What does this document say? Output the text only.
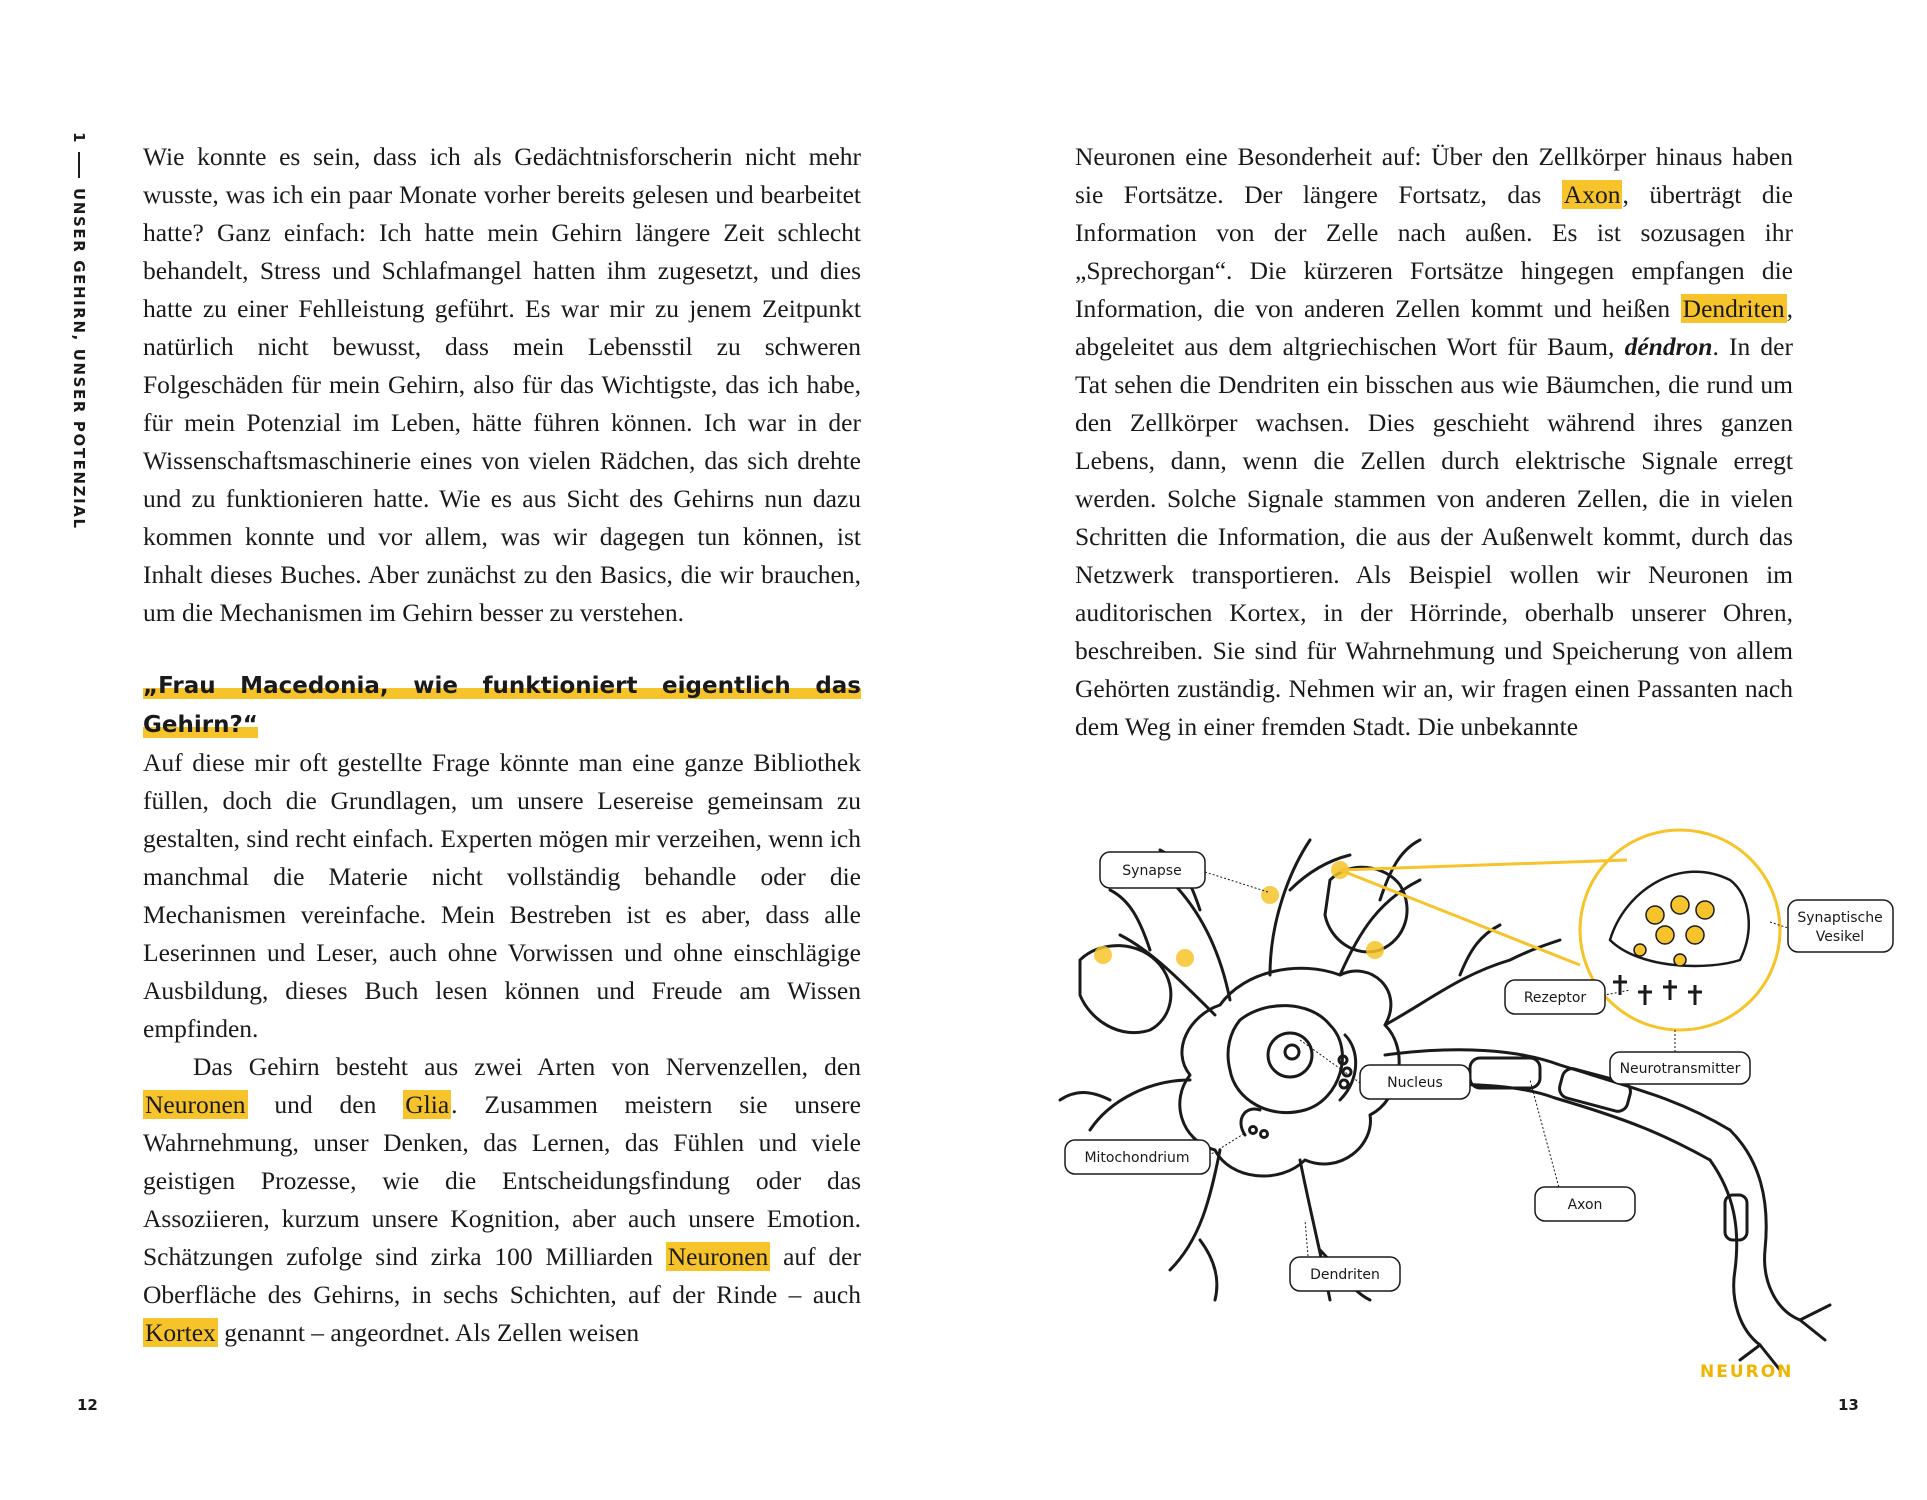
1
UNSER GEHIRN, UNSER POTENZIAL

Wie konnte es sein, dass ich als Gedächtnisforscherin nicht mehr wusste, was ich ein paar Monate vorher bereits gelesen und bearbeitet hatte? Ganz einfach: Ich hatte mein Gehirn längere Zeit schlecht behandelt, Stress und Schlafmangel hatten ihm zugesetzt, und dies hatte zu einer Fehlleistung geführt. Es war mir zu jenem Zeitpunkt natürlich nicht bewusst, dass mein Lebensstil zu schweren Folgeschäden für mein Gehirn, also für das Wichtigste, das ich habe, für mein Potenzial im Leben, hätte führen können. Ich war in der Wissenschaftsmaschinerie eines von vielen Rädchen, das sich drehte und zu funktionieren hatte. Wie es aus Sicht des Gehirns nun dazu kommen konnte und vor allem, was wir dagegen tun können, ist Inhalt dieses Buches. Aber zunächst zu den Basics, die wir brauchen, um die Mechanismen im Gehirn besser zu verstehen.

„Frau Macedonia, wie funktioniert eigentlich das Gehirn?“

Auf diese mir oft gestellte Frage könnte man eine ganze Bibliothek füllen, doch die Grundlagen, um unsere Lesereise gemeinsam zu gestalten, sind recht einfach. Experten mögen mir verzeihen, wenn ich manchmal die Materie nicht vollständig behandle oder die Mechanismen vereinfache. Mein Bestreben ist es aber, dass alle Leserinnen und Leser, auch ohne Vorwissen und ohne einschlägige Ausbildung, dieses Buch lesen können und Freude am Wissen empfinden.

Das Gehirn besteht aus zwei Arten von Nervenzellen, den Neuronen und den Glia. Zusammen meistern sie unsere Wahrnehmung, unser Denken, das Lernen, das Fühlen und viele geistigen Prozesse, wie die Entscheidungsfindung oder das Assoziieren, kurzum unsere Kognition, aber auch unsere Emotion. Schätzungen zufolge sind zirka 100 Milliarden Neuronen auf der Oberfläche des Gehirns, in sechs Schichten, auf der Rinde – auch Kortex genannt – angeordnet. Als Zellen weisen

Neuronen eine Besonderheit auf: Über den Zellkörper hinaus haben sie Fortsätze. Der längere Fortsatz, das Axon, überträgt die Information von der Zelle nach außen. Es ist sozusagen ihr „Sprechorgan“. Die kürzeren Fortsätze hingegen empfangen die Information, die von anderen Zellen kommt und heißen Dendriten, abgeleitet aus dem altgriechischen Wort für Baum, déndron. In der Tat sehen die Dendriten ein bisschen aus wie Bäumchen, die rund um den Zellkörper wachsen. Dies geschieht während ihres ganzen Lebens, dann, wenn die Zellen durch elektrische Signale erregt werden. Solche Signale stammen von anderen Zellen, die in vielen Schritten die Information, die aus der Außenwelt kommt, durch das Netzwerk transportieren. Als Beispiel wollen wir Neuronen im auditorischen Kortex, in der Hörrinde, oberhalb unserer Ohren, beschreiben. Sie sind für Wahrnehmung und Speicherung von allem Gehörten zuständig. Nehmen wir an, wir fragen einen Passanten nach dem Weg in einer fremden Stadt. Die unbekannte

Synapse
Synaptische
Vesikel
Rezeptor
Neurotransmitter
Nucleus
Mitochondrium
Axon
Dendriten
NEURON
12	13
